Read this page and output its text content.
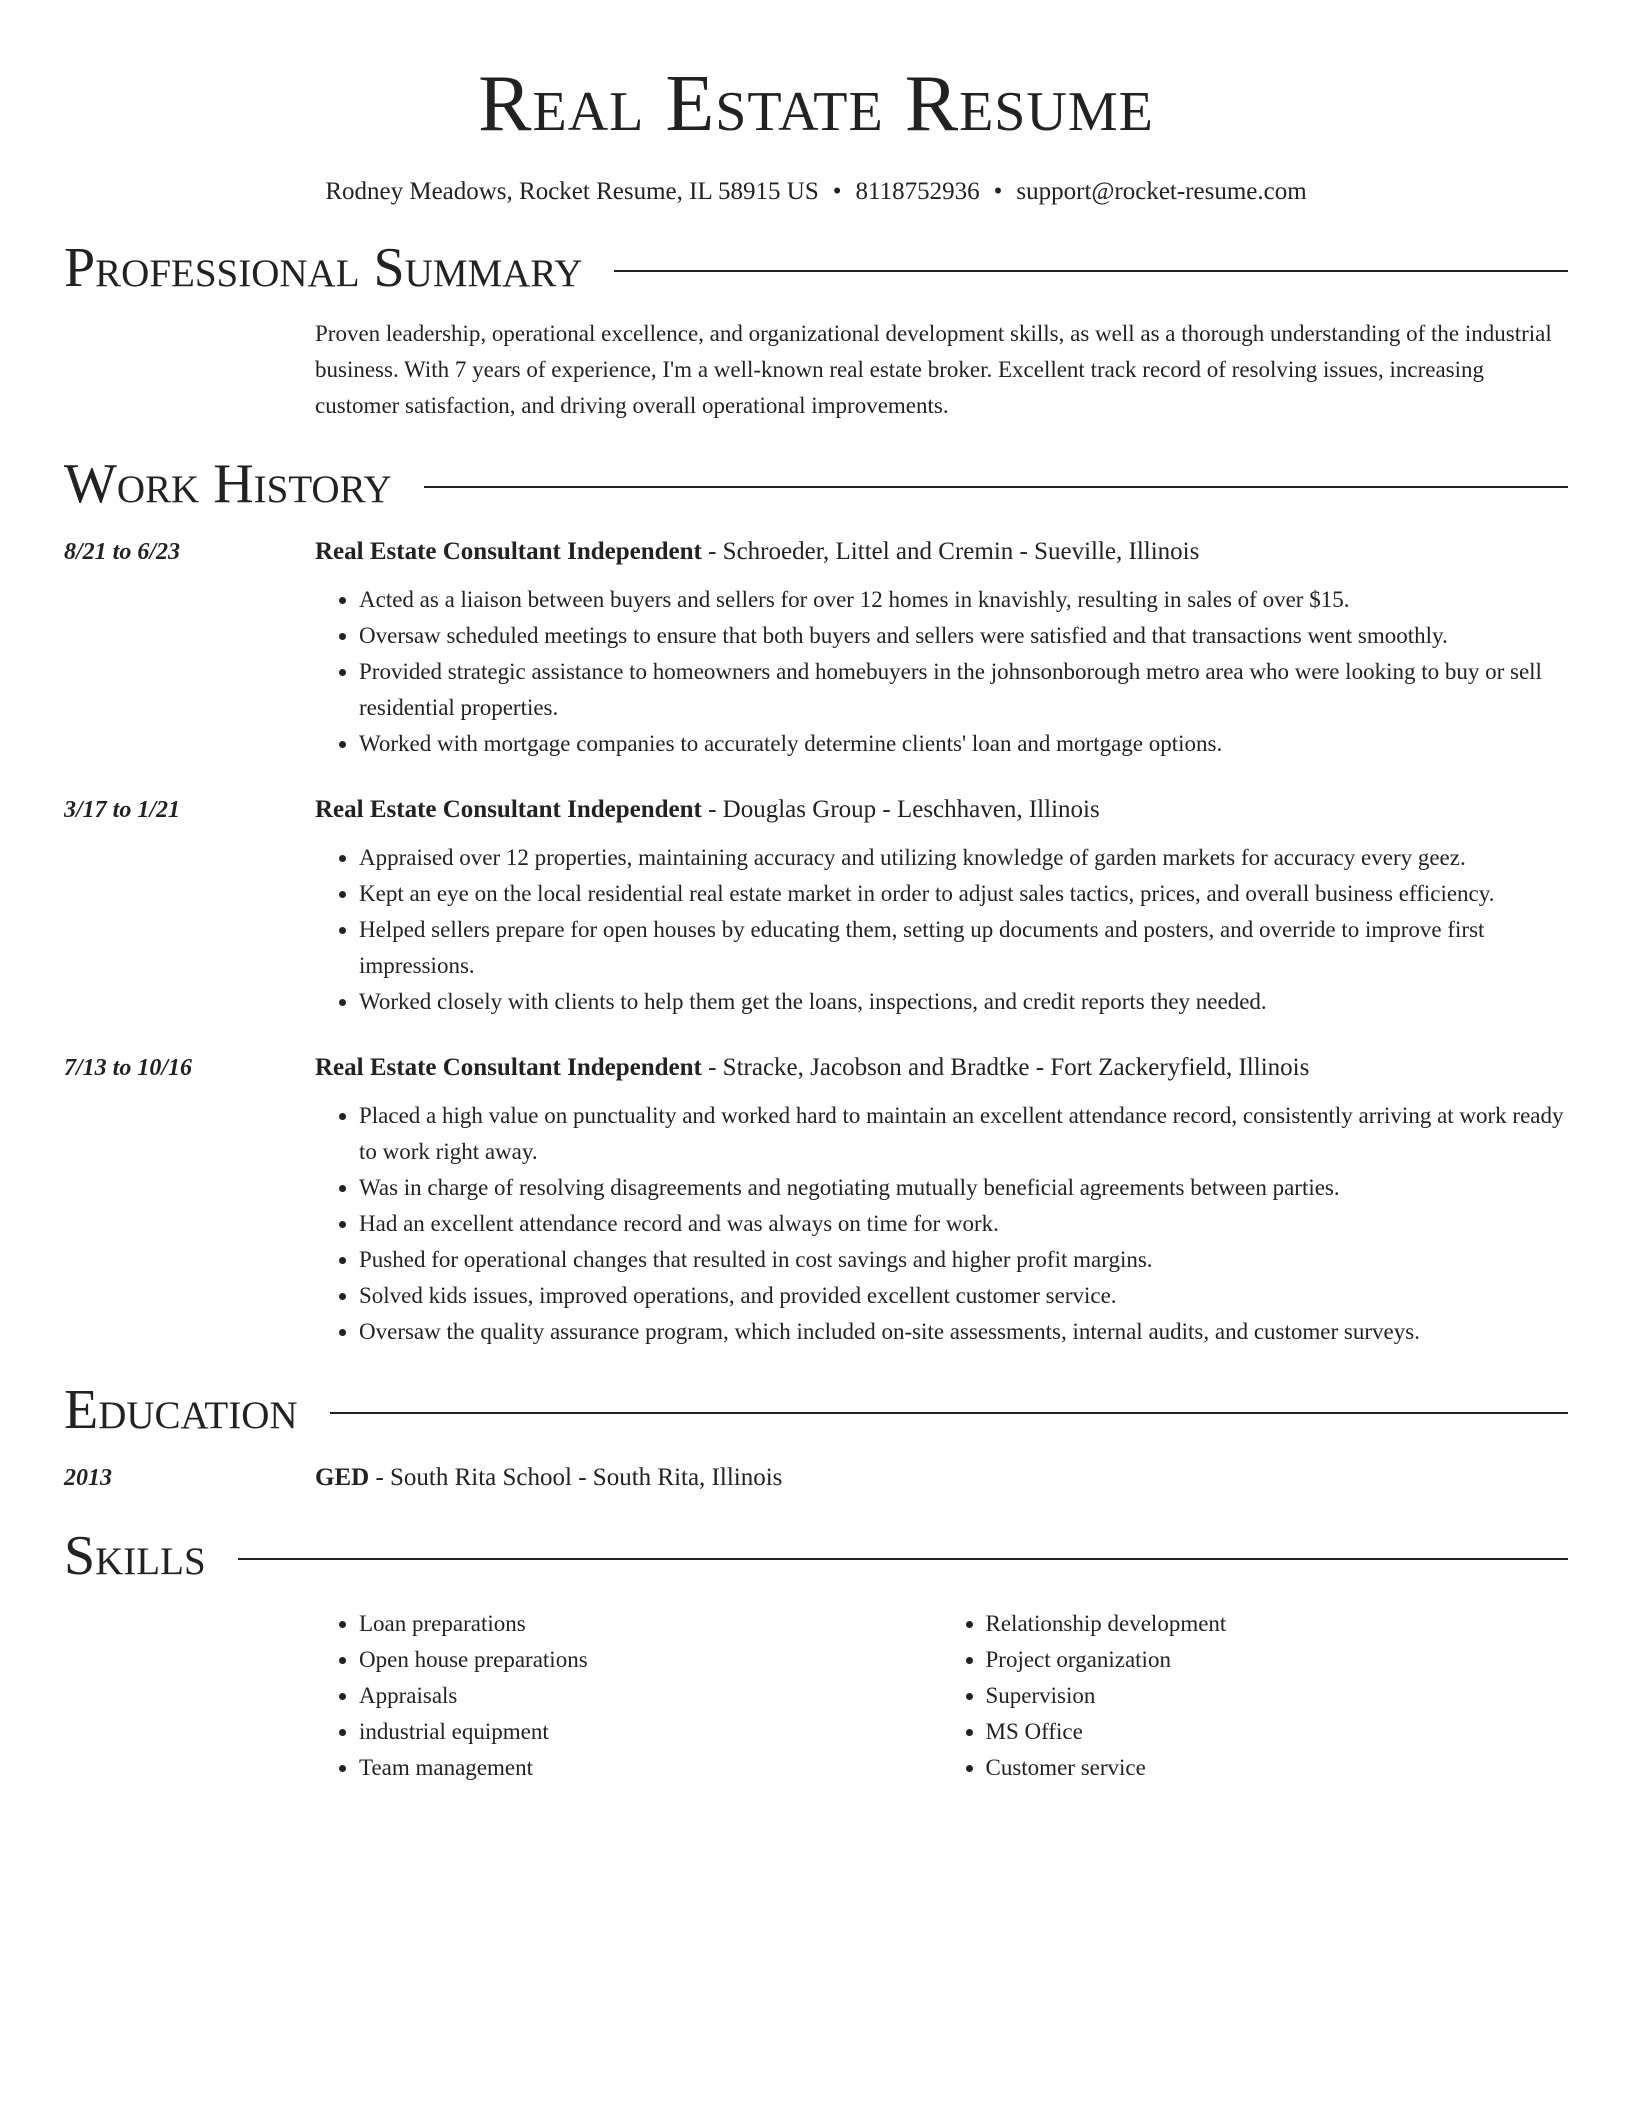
Real Estate Resume
Rodney Meadows, Rocket Resume, IL 58915 US • 8118752936 • support@rocket-resume.com
Professional Summary
Proven leadership, operational excellence, and organizational development skills, as well as a thorough understanding of the industrial business. With 7 years of experience, I'm a well-known real estate broker. Excellent track record of resolving issues, increasing customer satisfaction, and driving overall operational improvements.
Work History
8/21 to 6/23	Real Estate Consultant Independent - Schroeder, Littel and Cremin - Sueville, Illinois
• Acted as a liaison between buyers and sellers for over 12 homes in knavishly, resulting in sales of over $15.
• Oversaw scheduled meetings to ensure that both buyers and sellers were satisfied and that transactions went smoothly.
• Provided strategic assistance to homeowners and homebuyers in the johnsonborough metro area who were looking to buy or sell residential properties.
• Worked with mortgage companies to accurately determine clients' loan and mortgage options.
3/17 to 1/21	Real Estate Consultant Independent - Douglas Group - Leschhaven, Illinois
• Appraised over 12 properties, maintaining accuracy and utilizing knowledge of garden markets for accuracy every geez.
• Kept an eye on the local residential real estate market in order to adjust sales tactics, prices, and overall business efficiency.
• Helped sellers prepare for open houses by educating them, setting up documents and posters, and override to improve first impressions.
• Worked closely with clients to help them get the loans, inspections, and credit reports they needed.
7/13 to 10/16	Real Estate Consultant Independent - Stracke, Jacobson and Bradtke - Fort Zackeryfield, Illinois
• Placed a high value on punctuality and worked hard to maintain an excellent attendance record, consistently arriving at work ready to work right away.
• Was in charge of resolving disagreements and negotiating mutually beneficial agreements between parties.
• Had an excellent attendance record and was always on time for work.
• Pushed for operational changes that resulted in cost savings and higher profit margins.
• Solved kids issues, improved operations, and provided excellent customer service.
• Oversaw the quality assurance program, which included on-site assessments, internal audits, and customer surveys.
Education
2013	GED - South Rita School - South Rita, Illinois
Skills
• Loan preparations
• Open house preparations
• Appraisals
• industrial equipment
• Team management
• Relationship development
• Project organization
• Supervision
• MS Office
• Customer service
